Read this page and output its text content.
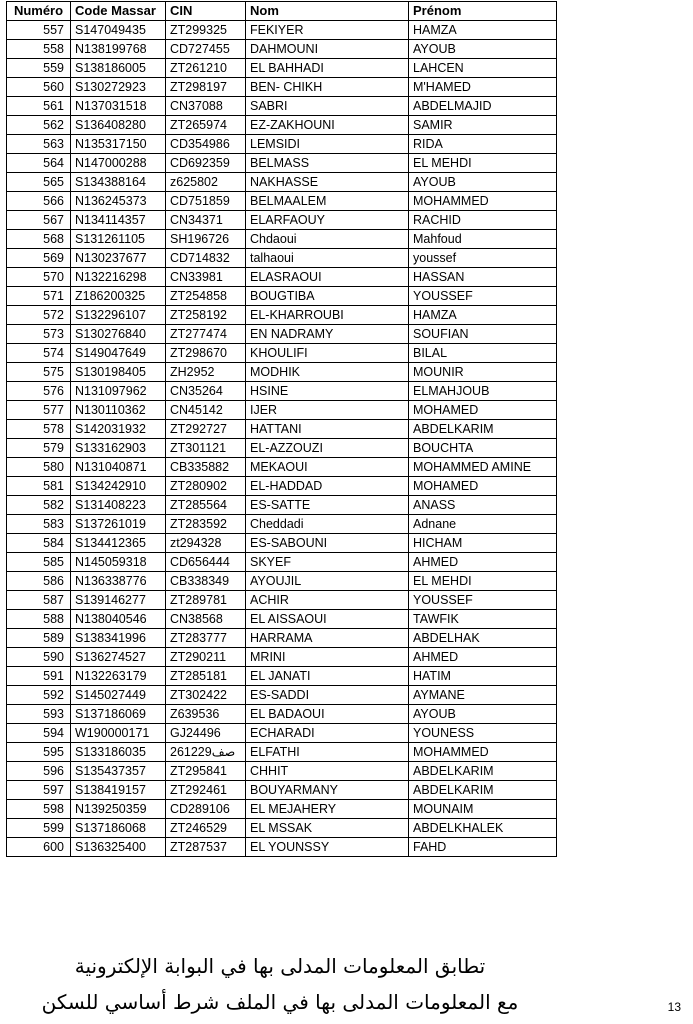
Numéro	Code Massar	CIN	Nom	Prénom
557	S147049435	ZT299325	FEKIYER	HAMZA
558	N138199768	CD727455	DAHMOUNI	AYOUB
559	S138186005	ZT261210	EL BAHHADI	LAHCEN
560	S130272923	ZT298197	BEN- CHIKH	M'HAMED
561	N137031518	CN37088	SABRI	ABDELMAJID
562	S136408280	ZT265974	EZ-ZAKHOUNI	SAMIR
563	N135317150	CD354986	LEMSIDI	RIDA
564	N147000288	CD692359	BELMASS	EL MEHDI
565	S134388164	z625802	NAKHASSE	AYOUB
566	N136245373	CD751859	BELMAALEM	MOHAMMED
567	N134114357	CN34371	ELARFAOUY	RACHID
568	S131261105	SH196726	Chdaoui	Mahfoud
569	N130237677	CD714832	talhaoui	youssef
570	N132216298	CN33981	ELASRAOUI	HASSAN
571	Z186200325	ZT254858	BOUGTIBA	YOUSSEF
572	S132296107	ZT258192	EL-KHARROUBI	HAMZA
573	S130276840	ZT277474	EN NADRAMY	SOUFIAN
574	S149047649	ZT298670	KHOULIFI	BILAL
575	S130198405	ZH2952	MODHIK	MOUNIR
576	N131097962	CN35264	HSINE	ELMAHJOUB
577	N130110362	CN45142	IJER	MOHAMED
578	S142031932	ZT292727	HATTANI	ABDELKARIM
579	S133162903	ZT301121	EL-AZZOUZI	BOUCHTA
580	N131040871	CB335882	MEKAOUI	MOHAMMED AMINE
581	S134242910	ZT280902	EL-HADDAD	MOHAMED
582	S131408223	ZT285564	ES-SATTE	ANASS
583	S137261019	ZT283592	Cheddadi	Adnane
584	S134412365	zt294328	ES-SABOUNI	HICHAM
585	N145059318	CD656444	SKYEF	AHMED
586	N136338776	CB338349	AYOUJIL	EL MEHDI
587	S139146277	ZT289781	ACHIR	YOUSSEF
588	N138040546	CN38568	EL AISSAOUI	TAWFIK
589	S138341996	ZT283777	HARRAMA	ABDELHAK
590	S136274527	ZT290211	MRINI	AHMED
591	N132263179	ZT285181	EL JANATI	HATIM
592	S145027449	ZT302422	ES-SADDI	AYMANE
593	S137186069	Z639536	EL BADAOUI	AYOUB
594	W190000171	GJ24496	ECHARADI	YOUNESS
595	S133186035	صف261229	ELFATHI	MOHAMMED
596	S135437357	ZT295841	CHHIT	ABDELKARIM
597	S138419157	ZT292461	BOUYARMANY	ABDELKARIM
598	N139250359	CD289106	EL MEJAHERY	MOUNAIM
599	S137186068	ZT246529	EL MSSAK	ABDELKHALEK
600	S136325400	ZT287537	EL YOUNSSY	FAHD
تطابق المعلومات المدلى بها في البوابة الإلكترونية
مع المعلومات المدلى بها في الملف شرط أساسي للسكن	13
